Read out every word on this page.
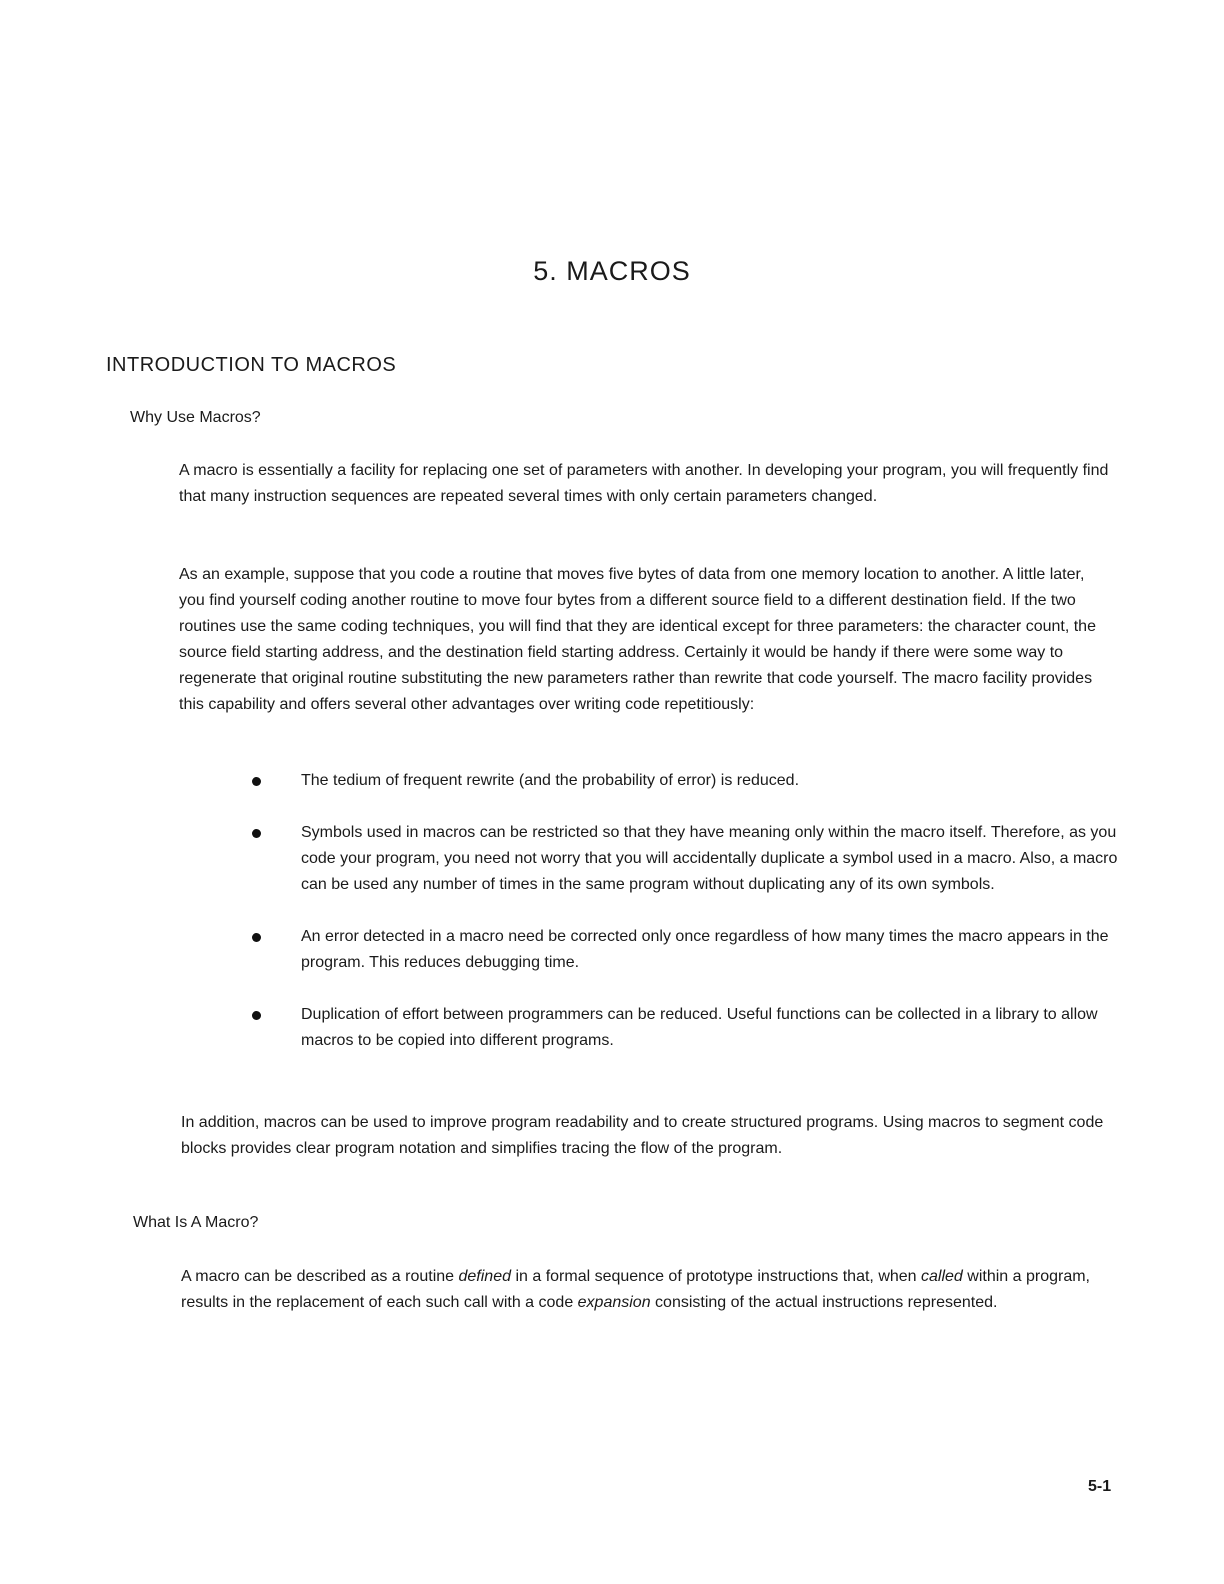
5. MACROS
INTRODUCTION TO MACROS
Why Use Macros?

A macro is essentially a facility for replacing one set of parameters with another. In developing your program, you will frequently find that many instruction sequences are repeated several times with only certain parameters changed.

As an example, suppose that you code a routine that moves five bytes of data from one memory location to another. A little later, you find yourself coding another routine to move four bytes from a different source field to a different destination field. If the two routines use the same coding techniques, you will find that they are identical except for three parameters: the character count, the source field starting address, and the destination field starting address. Certainly it would be handy if there were some way to regenerate that original routine substituting the new parameters rather than rewrite that code yourself. The macro facility provides this capability and offers several other advantages over writing code repetitiously:

The tedium of frequent rewrite (and the probability of error) is reduced.
Symbols used in macros can be restricted so that they have meaning only within the macro itself. Therefore, as you code your program, you need not worry that you will accidentally duplicate a symbol used in a macro. Also, a macro can be used any number of times in the same program without duplicating any of its own symbols.
An error detected in a macro need be corrected only once regardless of how many times the macro appears in the program. This reduces debugging time.
Duplication of effort between programmers can be reduced. Useful functions can be collected in a library to allow macros to be copied into different programs.

In addition, macros can be used to improve program readability and to create structured programs. Using macros to segment code blocks provides clear program notation and simplifies tracing the flow of the program.

What Is A Macro?

A macro can be described as a routine defined in a formal sequence of prototype instructions that, when called within a program, results in the replacement of each such call with a code expansion consisting of the actual instructions represented.

5-1
